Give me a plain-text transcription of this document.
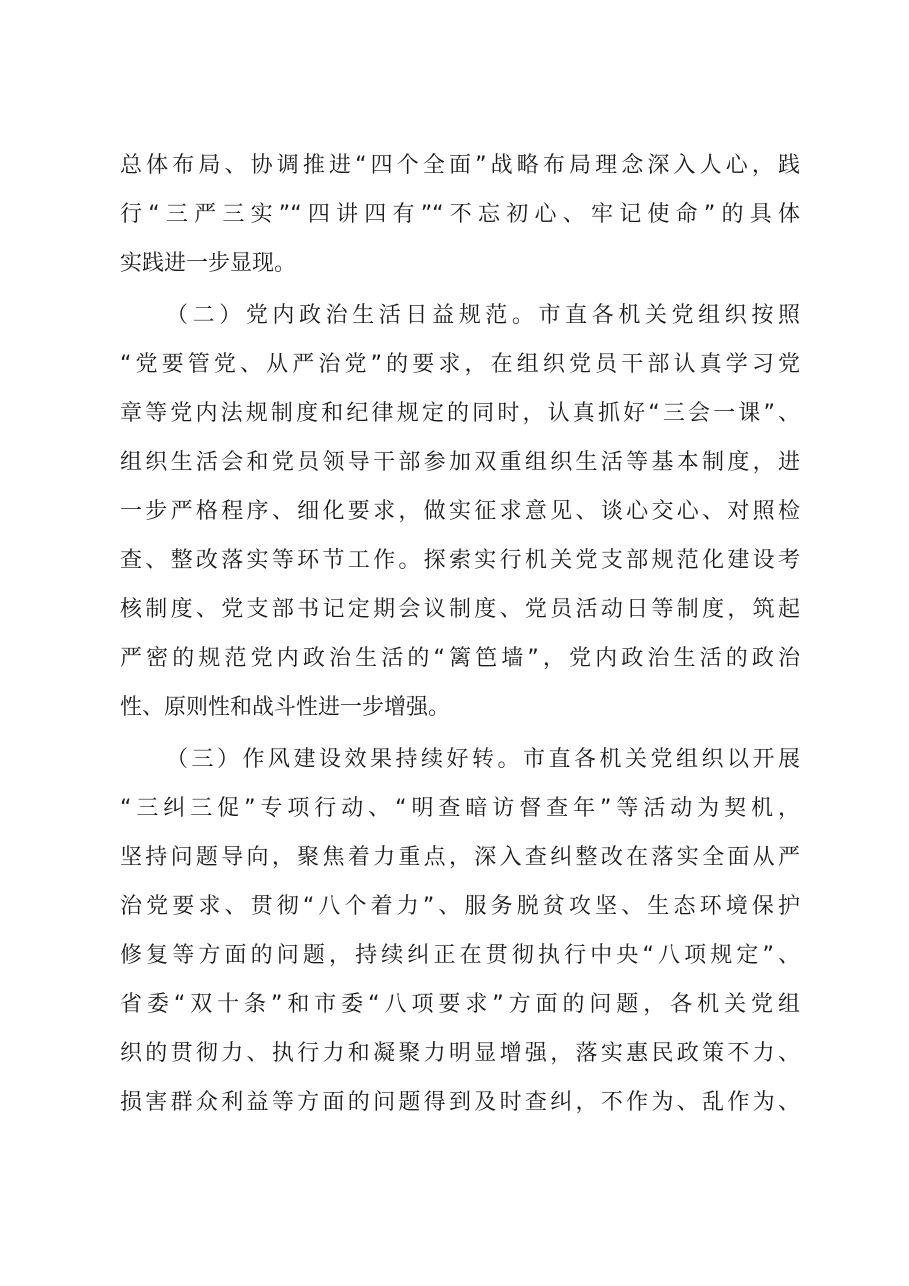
总体布局、协调推进“四个全面”战略布局理念深入人心，践
行“三严三实”“四讲四有”“不忘初心、牢记使命”的具体
实践进一步显现。
（二）党内政治生活日益规范。市直各机关党组织按照
“党要管党、从严治党”的要求，在组织党员干部认真学习党
章等党内法规制度和纪律规定的同时，认真抓好“三会一课”、
组织生活会和党员领导干部参加双重组织生活等基本制度，进
一步严格程序、细化要求，做实征求意见、谈心交心、对照检
查、整改落实等环节工作。探索实行机关党支部规范化建设考
核制度、党支部书记定期会议制度、党员活动日等制度，筑起
严密的规范党内政治生活的“篱笆墙”，党内政治生活的政治
性、原则性和战斗性进一步增强。
（三）作风建设效果持续好转。市直各机关党组织以开展
“三纠三促”专项行动、“明查暗访督查年”等活动为契机，
坚持问题导向，聚焦着力重点，深入查纠整改在落实全面从严
治党要求、贯彻“八个着力”、服务脱贫攻坚、生态环境保护
修复等方面的问题，持续纠正在贯彻执行中央“八项规定”、
省委“双十条”和市委“八项要求”方面的问题，各机关党组
织的贯彻力、执行力和凝聚力明显增强，落实惠民政策不力、
损害群众利益等方面的问题得到及时查纠，不作为、乱作为、
